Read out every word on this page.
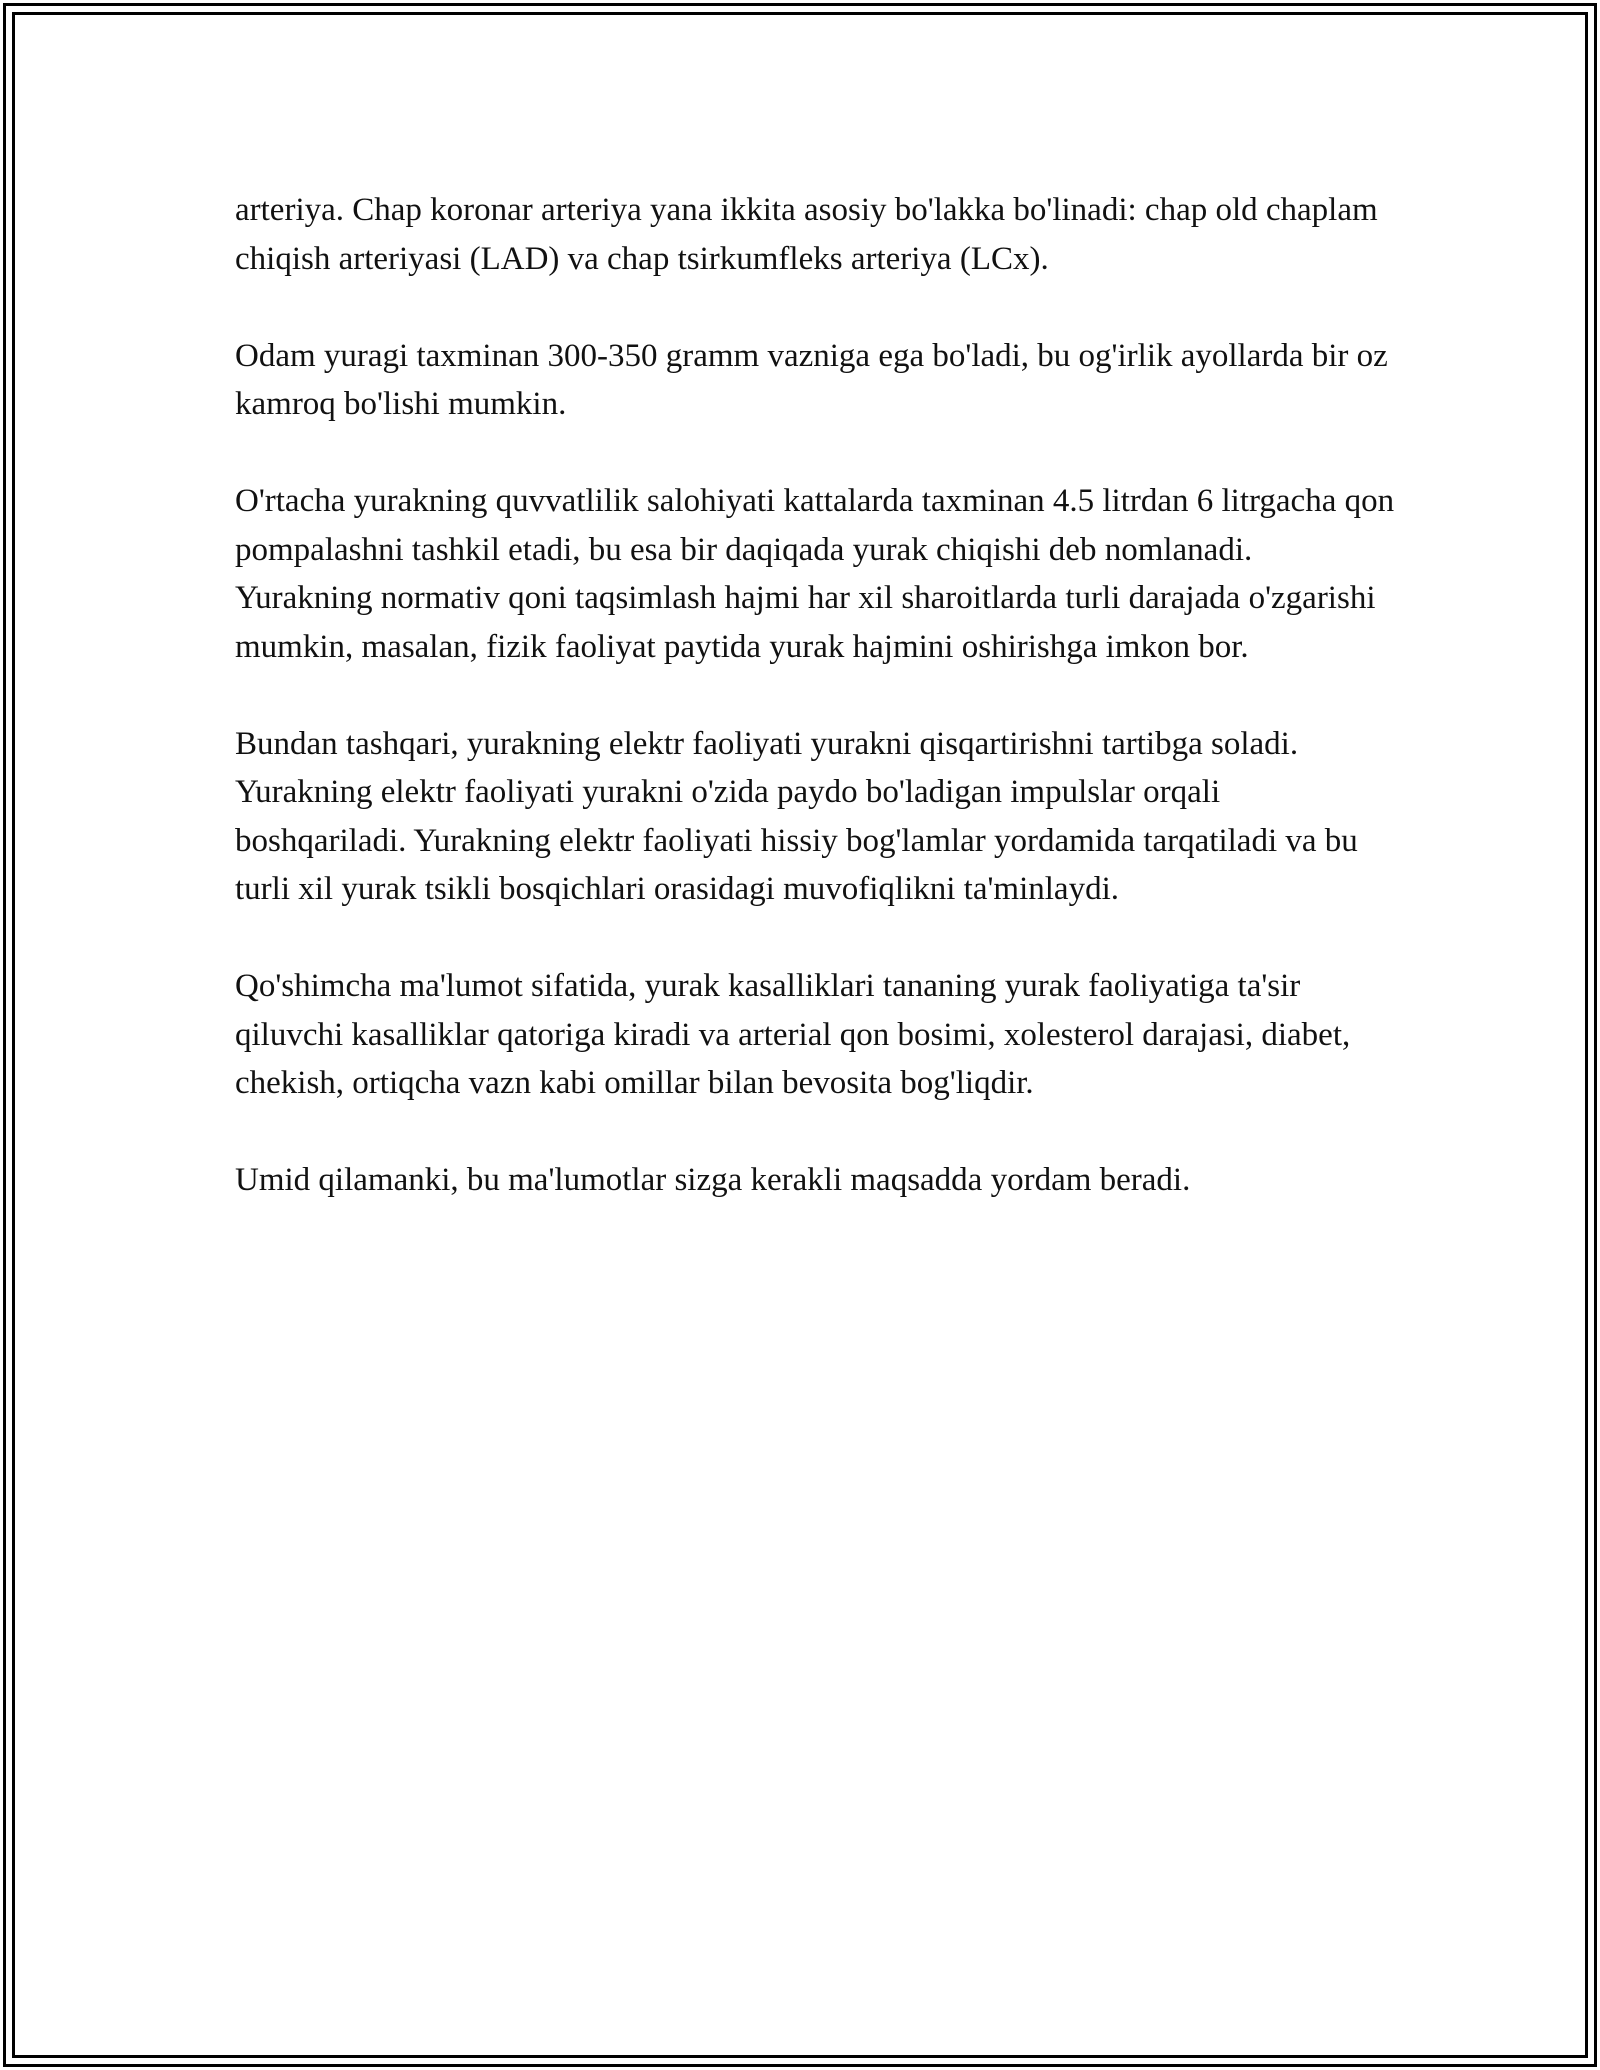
arteriya. Chap koronar arteriya yana ikkita asosiy bo'lakka bo'linadi: chap old chaplam chiqish arteriyasi (LAD) va chap tsirkumfleks arteriya (LCx).

Odam yuragi taxminan 300-350 gramm vazniga ega bo'ladi, bu og'irlik ayollarda bir oz kamroq bo'lishi mumkin.

O'rtacha yurakning quvvatlilik salohiyati kattalarda taxminan 4.5 litrdan 6 litrgacha qon pompalashni tashkil etadi, bu esa bir daqiqada yurak chiqishi deb nomlanadi. Yurakning normativ qoni taqsimlash hajmi har xil sharoitlarda turli darajada o'zgarishi mumkin, masalan, fizik faoliyat paytida yurak hajmini oshirishga imkon bor.

Bundan tashqari, yurakning elektr faoliyati yurakni qisqartirishni tartibga soladi. Yurakning elektr faoliyati yurakni o'zida paydo bo'ladigan impulslar orqali boshqariladi. Yurakning elektr faoliyati hissiy bog'lamlar yordamida tarqatiladi va bu turli xil yurak tsikli bosqichlari orasidagi muvofiqlikni ta'minlaydi.

Qo'shimcha ma'lumot sifatida, yurak kasalliklari tananing yurak faoliyatiga ta'sir qiluvchi kasalliklar qatoriga kiradi va arterial qon bosimi, xolesterol darajasi, diabet, chekish, ortiqcha vazn kabi omillar bilan bevosita bog'liqdir.

Umid qilamanki, bu ma'lumotlar sizga kerakli maqsadda yordam beradi.
